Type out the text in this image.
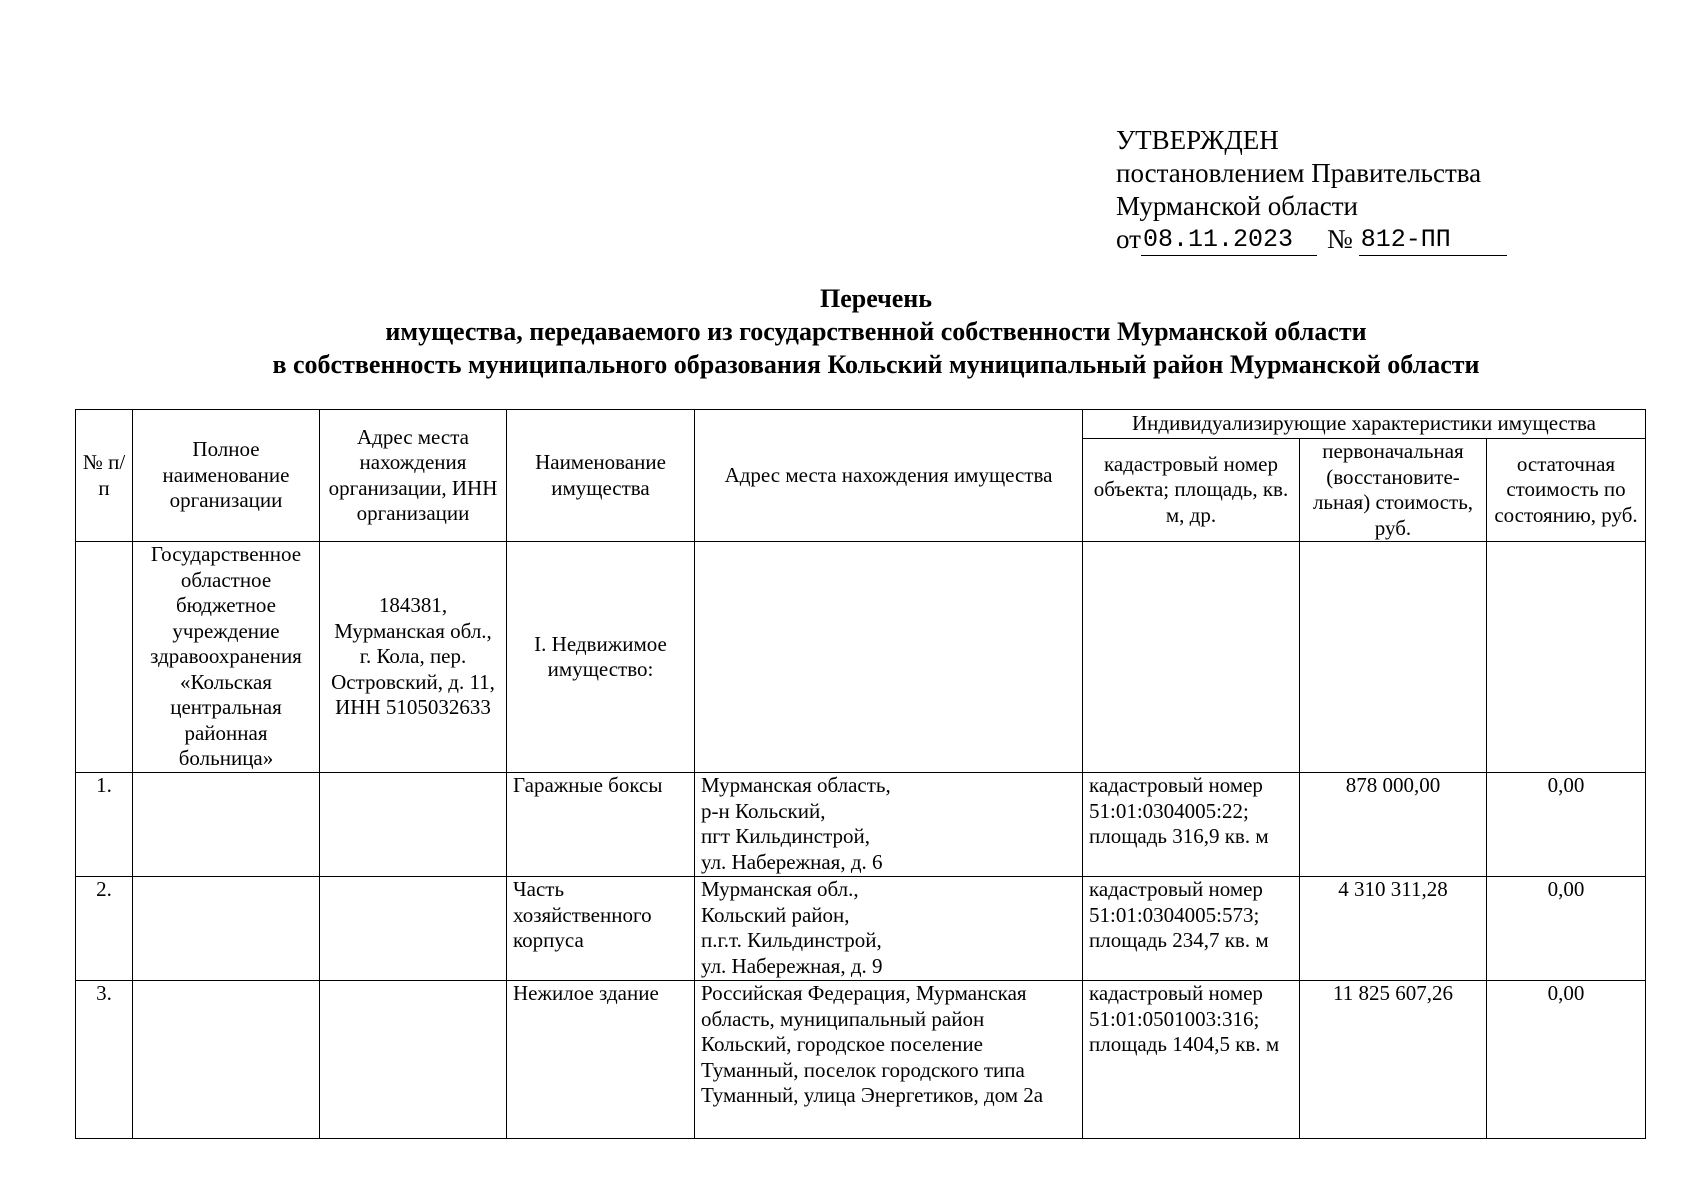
УТВЕРЖДЕН
постановлением Правительства
Мурманской области
от 08.11.2023	№ 812-ПП
Перечень
имущества, передаваемого из государственной собственности Мурманской области
в собственность муниципального образования Кольский муниципальный район Мурманской области
№ п/п	Полное наименование организации	Адрес места нахождения организации, ИНН организации	Наименование имущества	Адрес места нахождения имущества	Индивидуализирующие характеристики имущества		
					кадастровый номер объекта; площадь, кв. м, др.	первоначальная (восстановите-льная) стоимость, руб.	остаточная стоимость по состоянию, руб.
	Государственное областное бюджетное учреждение здравоохранения «Кольская центральная районная больница»	184381, Мурманская обл., г. Кола, пер. Островский, д. 11, ИНН 5105032633	I. Недвижимое имущество:				
1.			Гаражные боксы	Мурманская область,
р-н Кольский,
пгт Кильдинстрой,
ул. Набережная, д. 6	кадастровый номер 51:01:0304005:22; площадь 316,9 кв. м	878 000,00	0,00
2.			Часть хозяйственного корпуса	Мурманская обл.,
Кольский район,
п.г.т. Кильдинстрой,
ул. Набережная, д. 9	кадастровый номер 51:01:0304005:573; площадь 234,7 кв. м	4 310 311,28	0,00
3.			Нежилое здание	Российская Федерация, Мурманская область, муниципальный район Кольский, городское поселение Туманный, поселок городского типа Туманный, улица Энергетиков, дом 2а	кадастровый номер 51:01:0501003:316; площадь 1404,5 кв. м	11 825 607,26	0,00
